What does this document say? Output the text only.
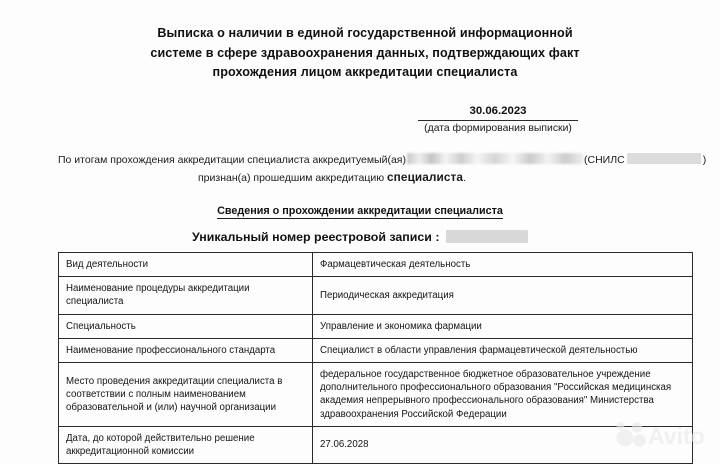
Выписка о наличии в единой государственной информационной
системе в сфере здравоохранения данных, подтверждающих факт
прохождения лицом аккредитации специалиста
30.06.2023
(дата формирования выписки)
По итогам прохождения аккредитации специалиста аккредитуемый(ая)	(СНИЛС	)
признан(а) прошедшим аккредитацию специалиста.
Сведения о прохождении аккредитации специалиста
Уникальный номер реестровой записи :
Вид деятельности	Фармацевтическая деятельность
Наименование процедуры аккредитации специалиста	Периодическая аккредитация
Специальность	Управление и экономика фармации
Наименование профессионального стандарта	Специалист в области управления фармацевтической деятельностью
Место проведения аккредитации специалиста в соответствии с полным наименованием образовательной и (или) научной организации	федеральное государственное бюджетное образовательное учреждение дополнительного профессионального образования "Российская медицинская академия непрерывного профессионального образования" Министерства здравоохранения Российской Федерации
Дата, до которой действительно решение аккредитационной комиссии	27.06.2028	Avito
